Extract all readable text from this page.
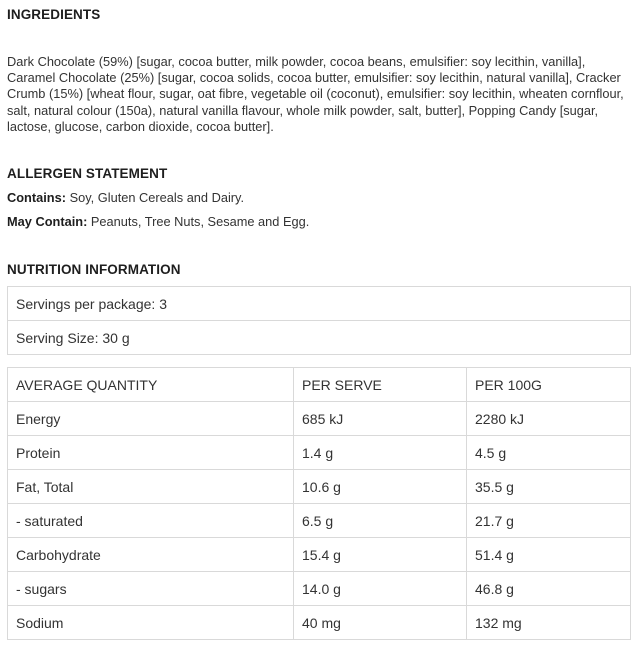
INGREDIENTS

Dark Chocolate (59%) [sugar, cocoa butter, milk powder, cocoa beans, emulsifier: soy lecithin, vanilla], Caramel Chocolate (25%) [sugar, cocoa solids, cocoa butter, emulsifier: soy lecithin, natural vanilla], Cracker Crumb (15%) [wheat flour, sugar, oat fibre, vegetable oil (coconut), emulsifier: soy lecithin, wheaten cornflour, salt, natural colour (150a), natural vanilla flavour, whole milk powder, salt, butter], Popping Candy [sugar, lactose, glucose, carbon dioxide, cocoa butter].

ALLERGEN STATEMENT

Contains: Soy, Gluten Cereals and Dairy.

May Contain: Peanuts, Tree Nuts, Sesame and Egg.

NUTRITION INFORMATION
Servings per package: 3
Serving Size: 30 g
AVERAGE QUANTITY	PER SERVE	PER 100G
Energy	685 kJ	2280 kJ
Protein	1.4 g	4.5 g
Fat, Total	10.6 g	35.5 g
- saturated	6.5 g	21.7 g
Carbohydrate	15.4 g	51.4 g
- sugars	14.0 g	46.8 g
Sodium	40 mg	132 mg
